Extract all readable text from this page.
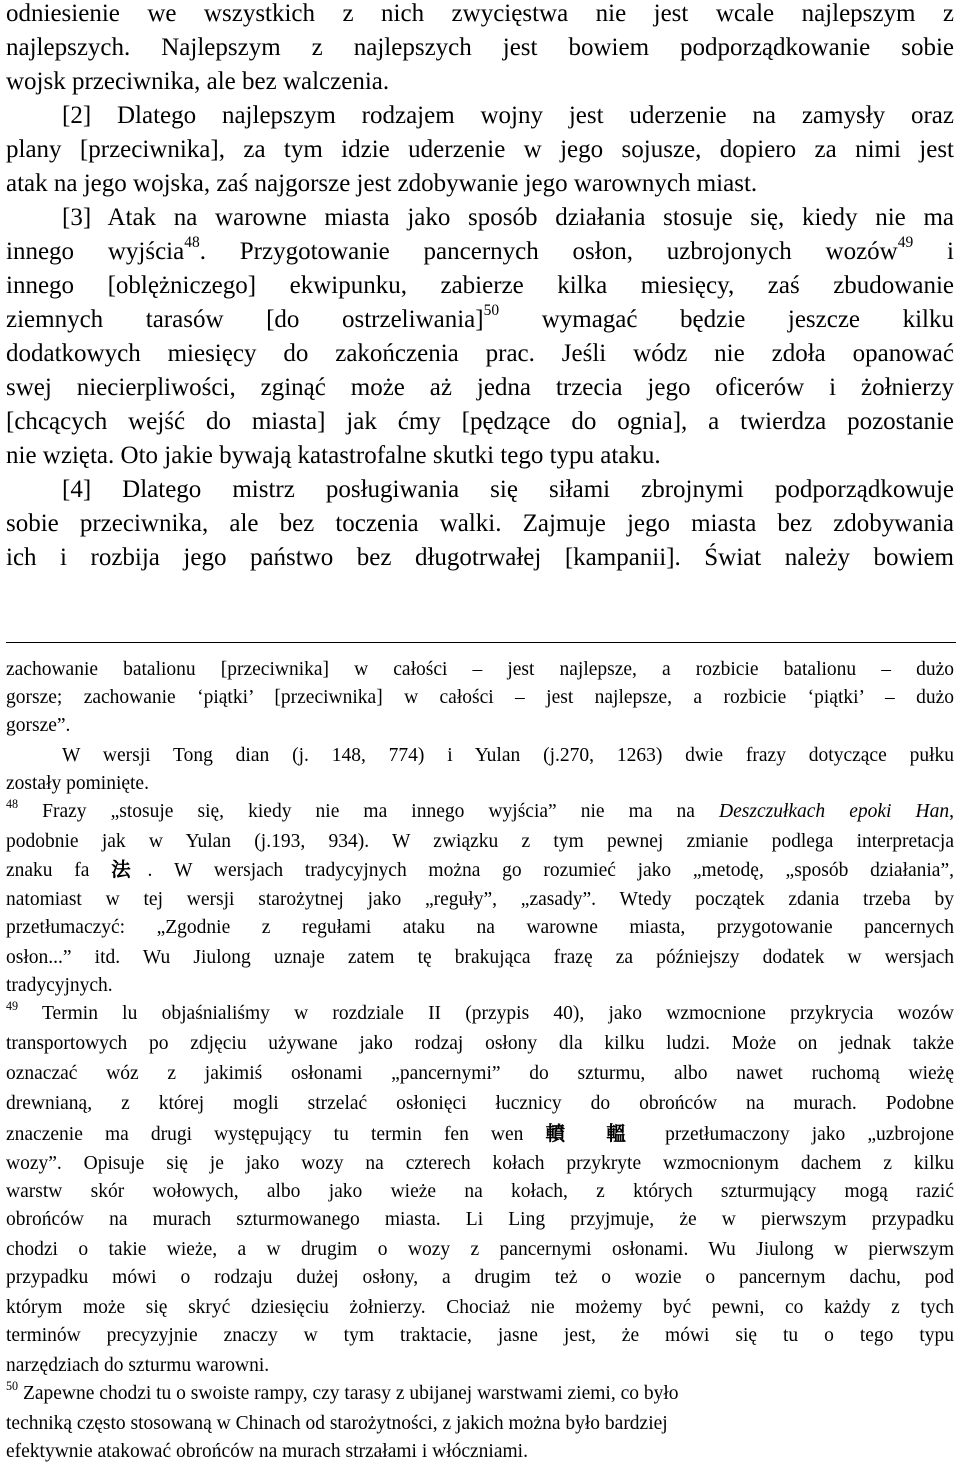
odniesienie we wszystkich z nich zwycięstwa nie jest wcale najlepszym z
najlepszych. Najlepszym z najlepszych jest bowiem podporządkowanie sobie
wojsk przeciwnika, ale bez walczenia.
[2] Dlatego najlepszym rodzajem wojny jest uderzenie na zamysły oraz
plany [przeciwnika], za tym idzie uderzenie w jego sojusze, dopiero za nimi jest
atak na jego wojska, zaś najgorsze jest zdobywanie jego warownych miast.
[3] Atak na warowne miasta jako sposób działania stosuje się, kiedy nie ma
innego wyjścia$^{48}$. Przygotowanie pancernych osłon, uzbrojonych wozów$^{49}$ i
innego [oblężniczego] ekwipunku, zabierze kilka miesięcy, zaś zbudowanie
ziemnych tarasów [do ostrzeliwania]$^{50}$ wymagać będzie jeszcze kilku
dodatkowych miesięcy do zakończenia prac. Jeśli wódz nie zdoła opanować
swej niecierpliwości, zginąć może aż jedna trzecia jego oficerów i żołnierzy
[chcących wejść do miasta] jak ćmy [pędzące do ognia], a twierdza pozostanie
nie wzięta. Oto jakie bywają katastrofalne skutki tego typu ataku.
[4] Dlatego mistrz posługiwania się siłami zbrojnymi podporządkowuje
sobie przeciwnika, ale bez toczenia walki. Zajmuje jego miasta bez zdobywania
ich i rozbija jego państwo bez długotrwałej [kampanii]. Świat należy bowiem
zachowanie batalionu [przeciwnika] w całości – jest najlepsze, a rozbicie batalionu – dużo
gorsze; zachowanie ‘piątki’ [przeciwnika] w całości – jest najlepsze, a rozbicie ‘piątki’ – dużo
gorsze”.
W wersji Tong dian (j. 148, 774) i Yulan (j.270, 1263) dwie frazy dotyczące pułku
zostały pominięte.
$^{48}$ Frazy „stosuje się, kiedy nie ma innego wyjścia” nie ma na Deszczułkach epoki Han,
podobnie jak w Yulan (j.193, 934). W związku z tym pewnej zmianie podlega interpretacja
znaku fa 法. W wersjach tradycyjnych można go rozumieć jako „metodę, „sposób działania”,
natomiast w tej wersji starożytnej jako „reguły”, „zasady”. Wtedy początek zdania trzeba by
przetłumaczyć: „Zgodnie z regułami ataku na warowne miasta, przygotowanie pancernych
osłon...” itd. Wu Jiulong uznaje zatem tę brakująca frazę za późniejszy dodatek w wersjach
tradycyjnych.
$^{49}$ Termin lu objaśnialiśmy w rozdziale II (przypis 40), jako wzmocnione przykrycia wozów
transportowych po zdjęciu używane jako rodzaj osłony dla kilku ludzi. Może on jednak także
oznaczać wóz z jakimiś osłonami „pancernymi” do szturmu, albo nawet ruchomą wieżę
drewnianą, z której mogli strzelać osłonięci łucznicy do obrońców na murach. Podobne
znaczenie ma drugi występujący tu termin fen wen 轒 轀 przetłumaczony jako „uzbrojone
wozy”. Opisuje się je jako wozy na czterech kołach przykryte wzmocnionym dachem z kilku
warstw skór wołowych, albo jako wieże na kołach, z których szturmujący mogą razić
obrońców na murach szturmowanego miasta. Li Ling przyjmuje, że w pierwszym przypadku
chodzi o takie wieże, a w drugim o wozy z pancernymi osłonami. Wu Jiulong w pierwszym
przypadku mówi o rodzaju dużej osłony, a drugim też o wozie o pancernym dachu, pod
którym może się skryć dziesięciu żołnierzy. Chociaż nie możemy być pewni, co każdy z tych
terminów precyzyjnie znaczy w tym traktacie, jasne jest, że mówi się tu o tego typu
narzędziach do szturmu warowni.
$^{50}$ Zapewne chodzi tu o swoiste rampy, czy tarasy z ubijanej warstwami ziemi, co było
techniką często stosowaną w Chinach od starożytności, z jakich można było bardziej
efektywnie atakować obrońców na murach strzałami i włóczniami.
